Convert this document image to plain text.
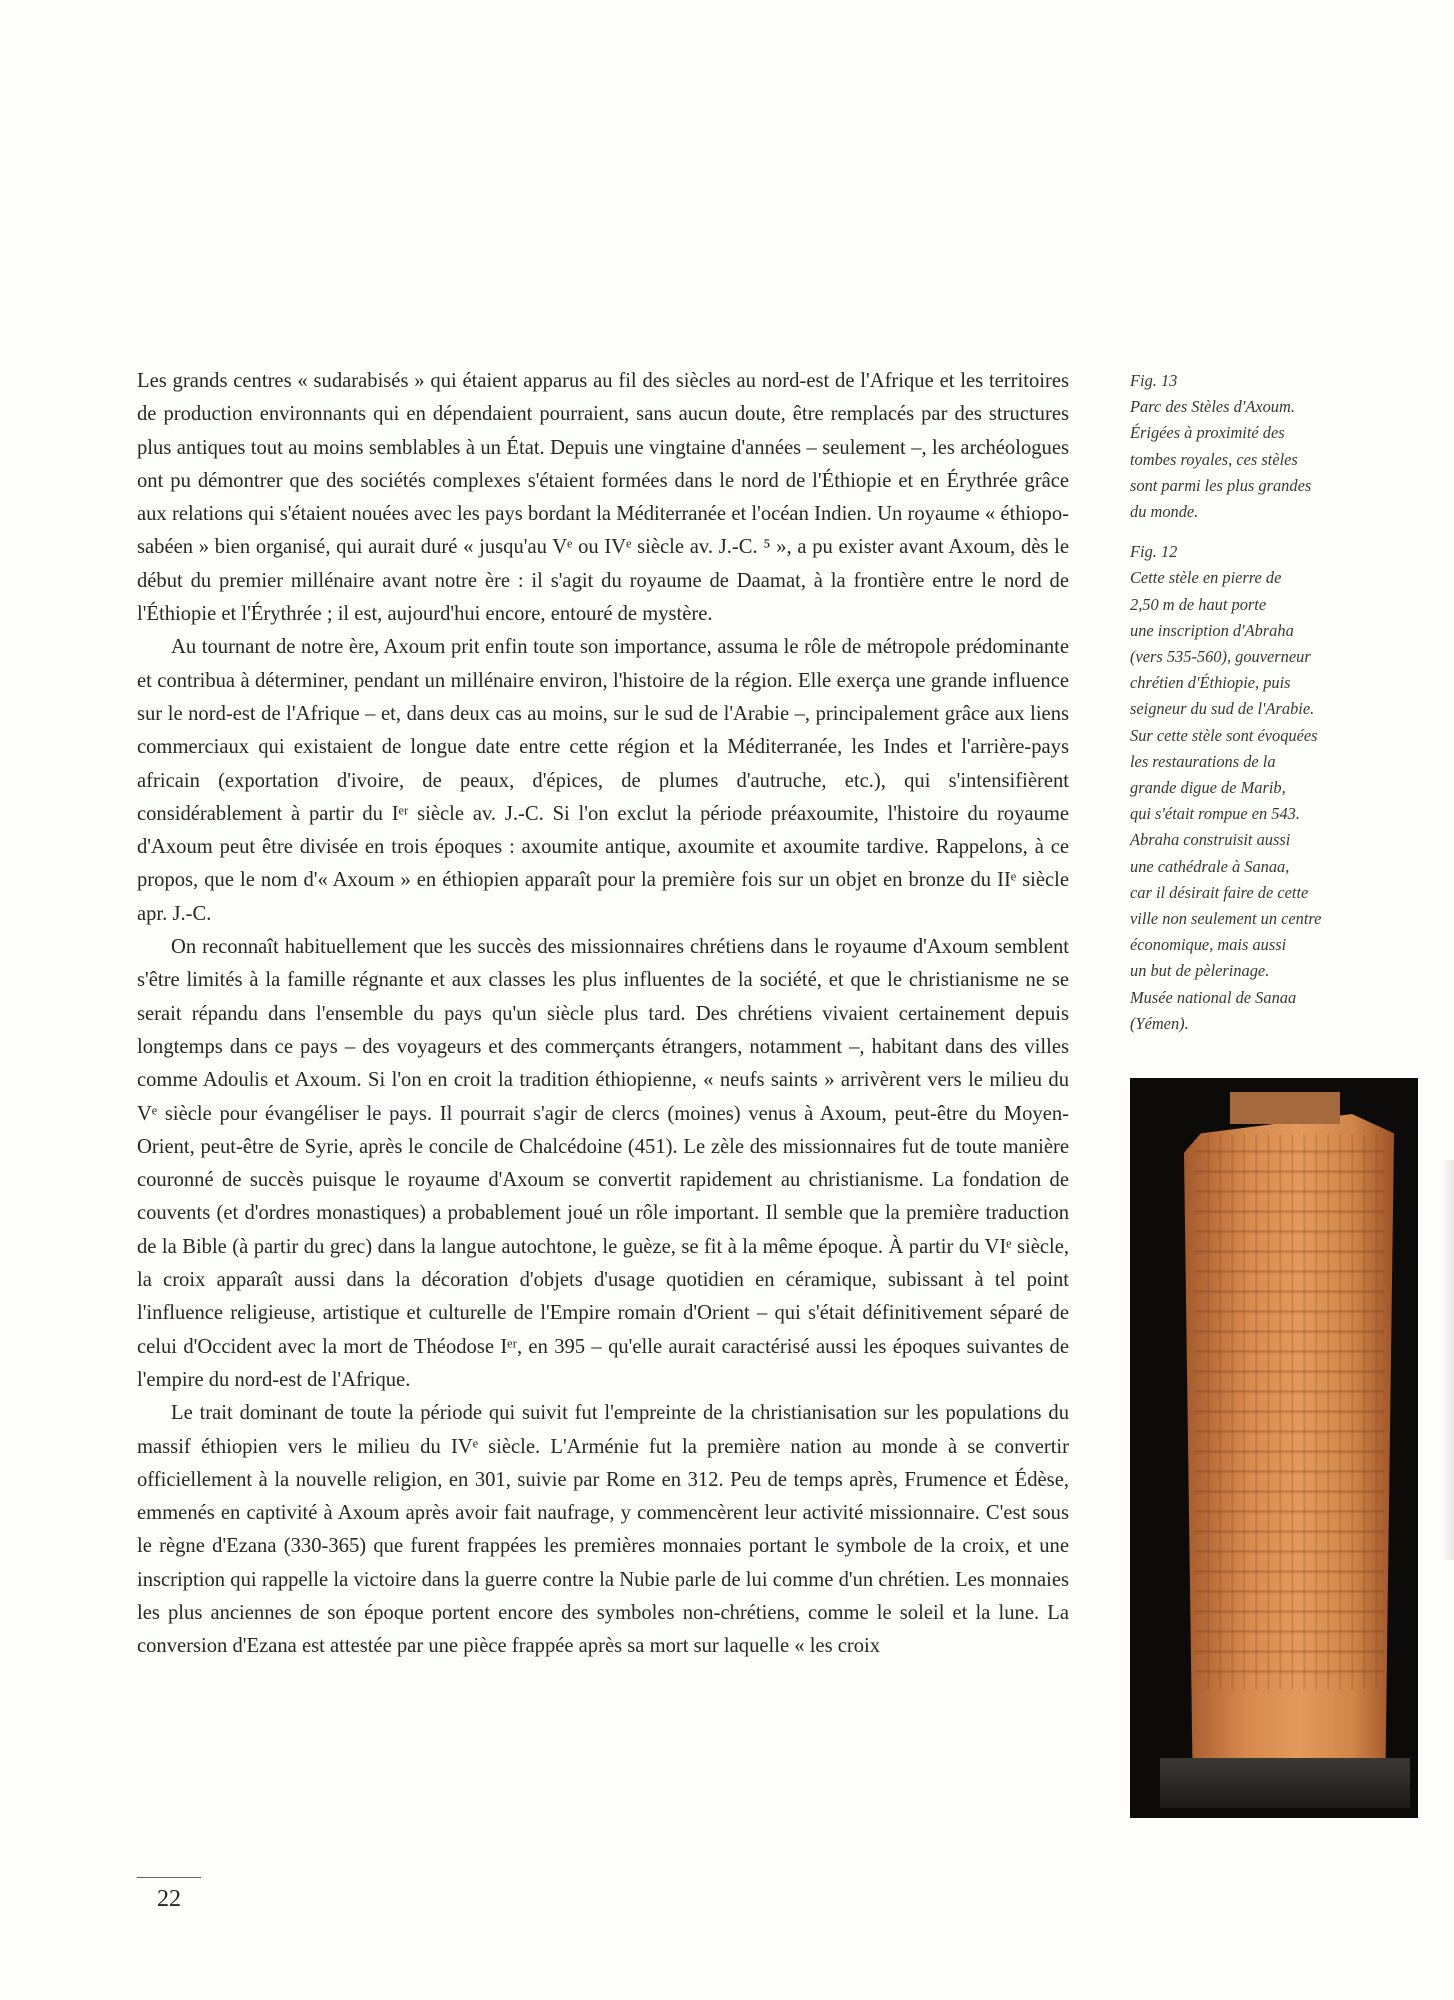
Les grands centres « sudarabisés » qui étaient apparus au fil des siècles au nord-est de l'Afrique et les territoires de production environnants qui en dépendaient pourraient, sans aucun doute, être remplacés par des structures plus antiques tout au moins semblables à un État. Depuis une vingtaine d'années – seulement –, les archéologues ont pu démontrer que des sociétés complexes s'étaient formées dans le nord de l'Éthiopie et en Érythrée grâce aux relations qui s'étaient nouées avec les pays bordant la Méditerranée et l'océan Indien. Un royaume « éthiopo-sabéen » bien organisé, qui aurait duré « jusqu'au Vᵉ ou IVᵉ siècle av. J.-C. ⁵ », a pu exister avant Axoum, dès le début du premier millénaire avant notre ère : il s'agit du royaume de Daamat, à la frontière entre le nord de l'Éthiopie et l'Érythrée ; il est, aujourd'hui encore, entouré de mystère.

Au tournant de notre ère, Axoum prit enfin toute son importance, assuma le rôle de métropole prédominante et contribua à déterminer, pendant un millénaire environ, l'histoire de la région. Elle exerça une grande influence sur le nord-est de l'Afrique – et, dans deux cas au moins, sur le sud de l'Arabie –, principalement grâce aux liens commerciaux qui existaient de longue date entre cette région et la Méditerranée, les Indes et l'arrière-pays africain (exportation d'ivoire, de peaux, d'épices, de plumes d'autruche, etc.), qui s'intensifièrent considérablement à partir du Iᵉʳ siècle av. J.-C. Si l'on exclut la période préaxoumite, l'histoire du royaume d'Axoum peut être divisée en trois époques : axoumite antique, axoumite et axoumite tardive. Rappelons, à ce propos, que le nom d'« Axoum » en éthiopien apparaît pour la première fois sur un objet en bronze du IIᵉ siècle apr. J.-C.

On reconnaît habituellement que les succès des missionnaires chrétiens dans le royaume d'Axoum semblent s'être limités à la famille régnante et aux classes les plus influentes de la société, et que le christianisme ne se serait répandu dans l'ensemble du pays qu'un siècle plus tard. Des chrétiens vivaient certainement depuis longtemps dans ce pays – des voyageurs et des commerçants étrangers, notamment –, habitant dans des villes comme Adoulis et Axoum. Si l'on en croit la tradition éthiopienne, « neufs saints » arrivèrent vers le milieu du Vᵉ siècle pour évangéliser le pays. Il pourrait s'agir de clercs (moines) venus à Axoum, peut-être du Moyen-Orient, peut-être de Syrie, après le concile de Chalcédoine (451). Le zèle des missionnaires fut de toute manière couronné de succès puisque le royaume d'Axoum se convertit rapidement au christianisme. La fondation de couvents (et d'ordres monastiques) a probablement joué un rôle important. Il semble que la première traduction de la Bible (à partir du grec) dans la langue autochtone, le guèze, se fit à la même époque. À partir du VIᵉ siècle, la croix apparaît aussi dans la décoration d'objets d'usage quotidien en céramique, subissant à tel point l'influence religieuse, artistique et culturelle de l'Empire romain d'Orient – qui s'était définitivement séparé de celui d'Occident avec la mort de Théodose Iᵉʳ, en 395 – qu'elle aurait caractérisé aussi les époques suivantes de l'empire du nord-est de l'Afrique.

Le trait dominant de toute la période qui suivit fut l'empreinte de la christianisation sur les populations du massif éthiopien vers le milieu du IVᵉ siècle. L'Arménie fut la première nation au monde à se convertir officiellement à la nouvelle religion, en 301, suivie par Rome en 312. Peu de temps après, Frumence et Édèse, emmenés en captivité à Axoum après avoir fait naufrage, y commencèrent leur activité missionnaire. C'est sous le règne d'Ezana (330-365) que furent frappées les premières monnaies portant le symbole de la croix, et une inscription qui rappelle la victoire dans la guerre contre la Nubie parle de lui comme d'un chrétien. Les monnaies les plus anciennes de son époque portent encore des symboles non-chrétiens, comme le soleil et la lune. La conversion d'Ezana est attestée par une pièce frappée après sa mort sur laquelle « les croix

Fig. 13
Parc des Stèles d'Axoum.
Érigées à proximité des
tombes royales, ces stèles
sont parmi les plus grandes
du monde.
Fig. 12
Cette stèle en pierre de
2,50 m de haut porte
une inscription d'Abraha
(vers 535-560), gouverneur
chrétien d'Éthiopie, puis
seigneur du sud de l'Arabie.
Sur cette stèle sont évoquées
les restaurations de la
grande digue de Marib,
qui s'était rompue en 543.
Abraha construisit aussi
une cathédrale à Sanaa,
car il désirait faire de cette
ville non seulement un centre
économique, mais aussi
un but de pèlerinage.
Musée national de Sanaa
(Yémen).
22
